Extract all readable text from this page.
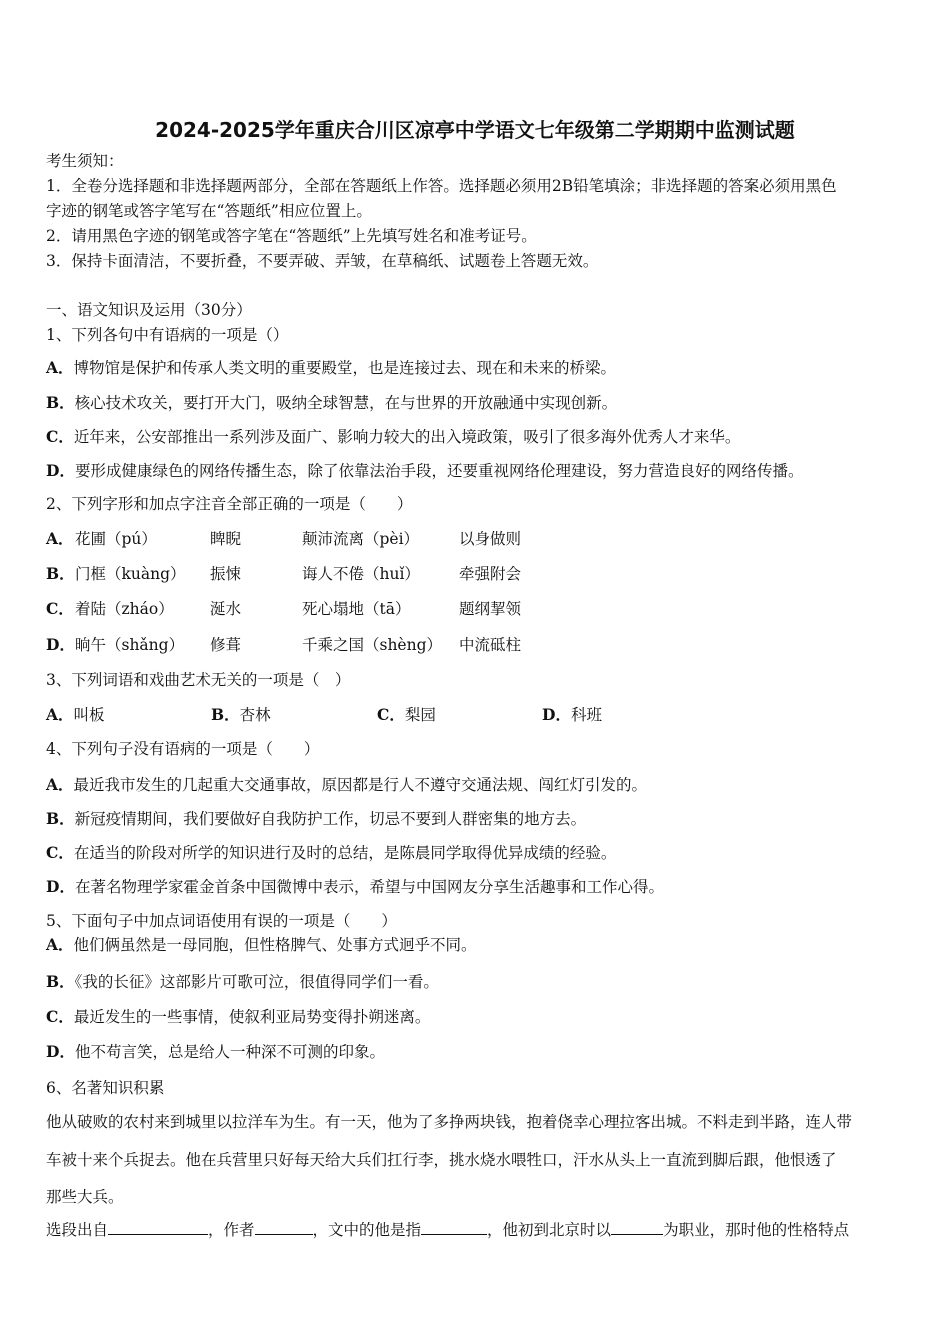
2024-2025学年重庆合川区凉亭中学语文七年级第二学期期中监测试题
考生须知：
1．全卷分选择题和非选择题两部分，全部在答题纸上作答。选择题必须用2B铅笔填涂；非选择题的答案必须用黑色
字迹的钢笔或答字笔写在“答题纸”相应位置上。
2．请用黑色字迹的钢笔或答字笔在“答题纸”上先填写姓名和准考证号。
3．保持卡面清洁，不要折叠，不要弄破、弄皱，在草稿纸、试题卷上答题无效。
一、语文知识及运用（30分）
1、下列各句中有语病的一项是（）
A．博物馆是保护和传承人类文明的重要殿堂，也是连接过去、现在和未来的桥梁。
B．核心技术攻关，要打开大门，吸纳全球智慧，在与世界的开放融通中实现创新。
C．近年来，公安部推出一系列涉及面广、影响力较大的出入境政策，吸引了很多海外优秀人才来华。
D．要形成健康绿色的网络传播生态，除了依靠法治手段，还要重视网络伦理建设，努力营造良好的网络传播。
2、下列字形和加点字注音全部正确的一项是（　　）
A． 花圃（pú）	睥睨	颠沛流离（pèi）	以身做则
B． 门框（kuàng） 振悚	诲人不倦（huǐ）	牵强附会
C． 着陆（zháo） 涎水	死心塌地（tā）	题纲挈领
D． 晌午（shǎng） 修葺	千乘之国（shèng） 中流砥柱
3、下列词语和戏曲艺术无关的一项是（　）
A．叫板	B．杏林	C．梨园	D．科班
4、下列句子没有语病的一项是（　　）
A．最近我市发生的几起重大交通事故，原因都是行人不遵守交通法规、闯红灯引发的。
B．新冠疫情期间，我们要做好自我防护工作，切忌不要到人群密集的地方去。
C．在适当的阶段对所学的知识进行及时的总结，是陈晨同学取得优异成绩的经验。
D．在著名物理学家霍金首条中国微博中表示，希望与中国网友分享生活趣事和工作心得。
5、下面句子中加点词语使用有误的一项是（　　）
A．他们俩虽然是一母同胞，但性格脾气、处事方式迥乎不同。
B．《我的长征》这部影片可歌可泣，很值得同学们一看。
C．最近发生的一些事情，使叙利亚局势变得扑朔迷离。
D．他不苟言笑，总是给人一种深不可测的印象。
6、名著知识积累
他从破败的农村来到城里以拉洋车为生。有一天，他为了多挣两块钱，抱着侥幸心理拉客出城。不料走到半路，连人带
车被十来个兵捉去。他在兵营里只好每天给大兵们扛行李，挑水烧水喂牲口，汗水从头上一直流到脚后跟，他恨透了
那些大兵。
选段出自	，作者	，文中的他是指	，他初到北京时以	为职业，那时他的性格特点
